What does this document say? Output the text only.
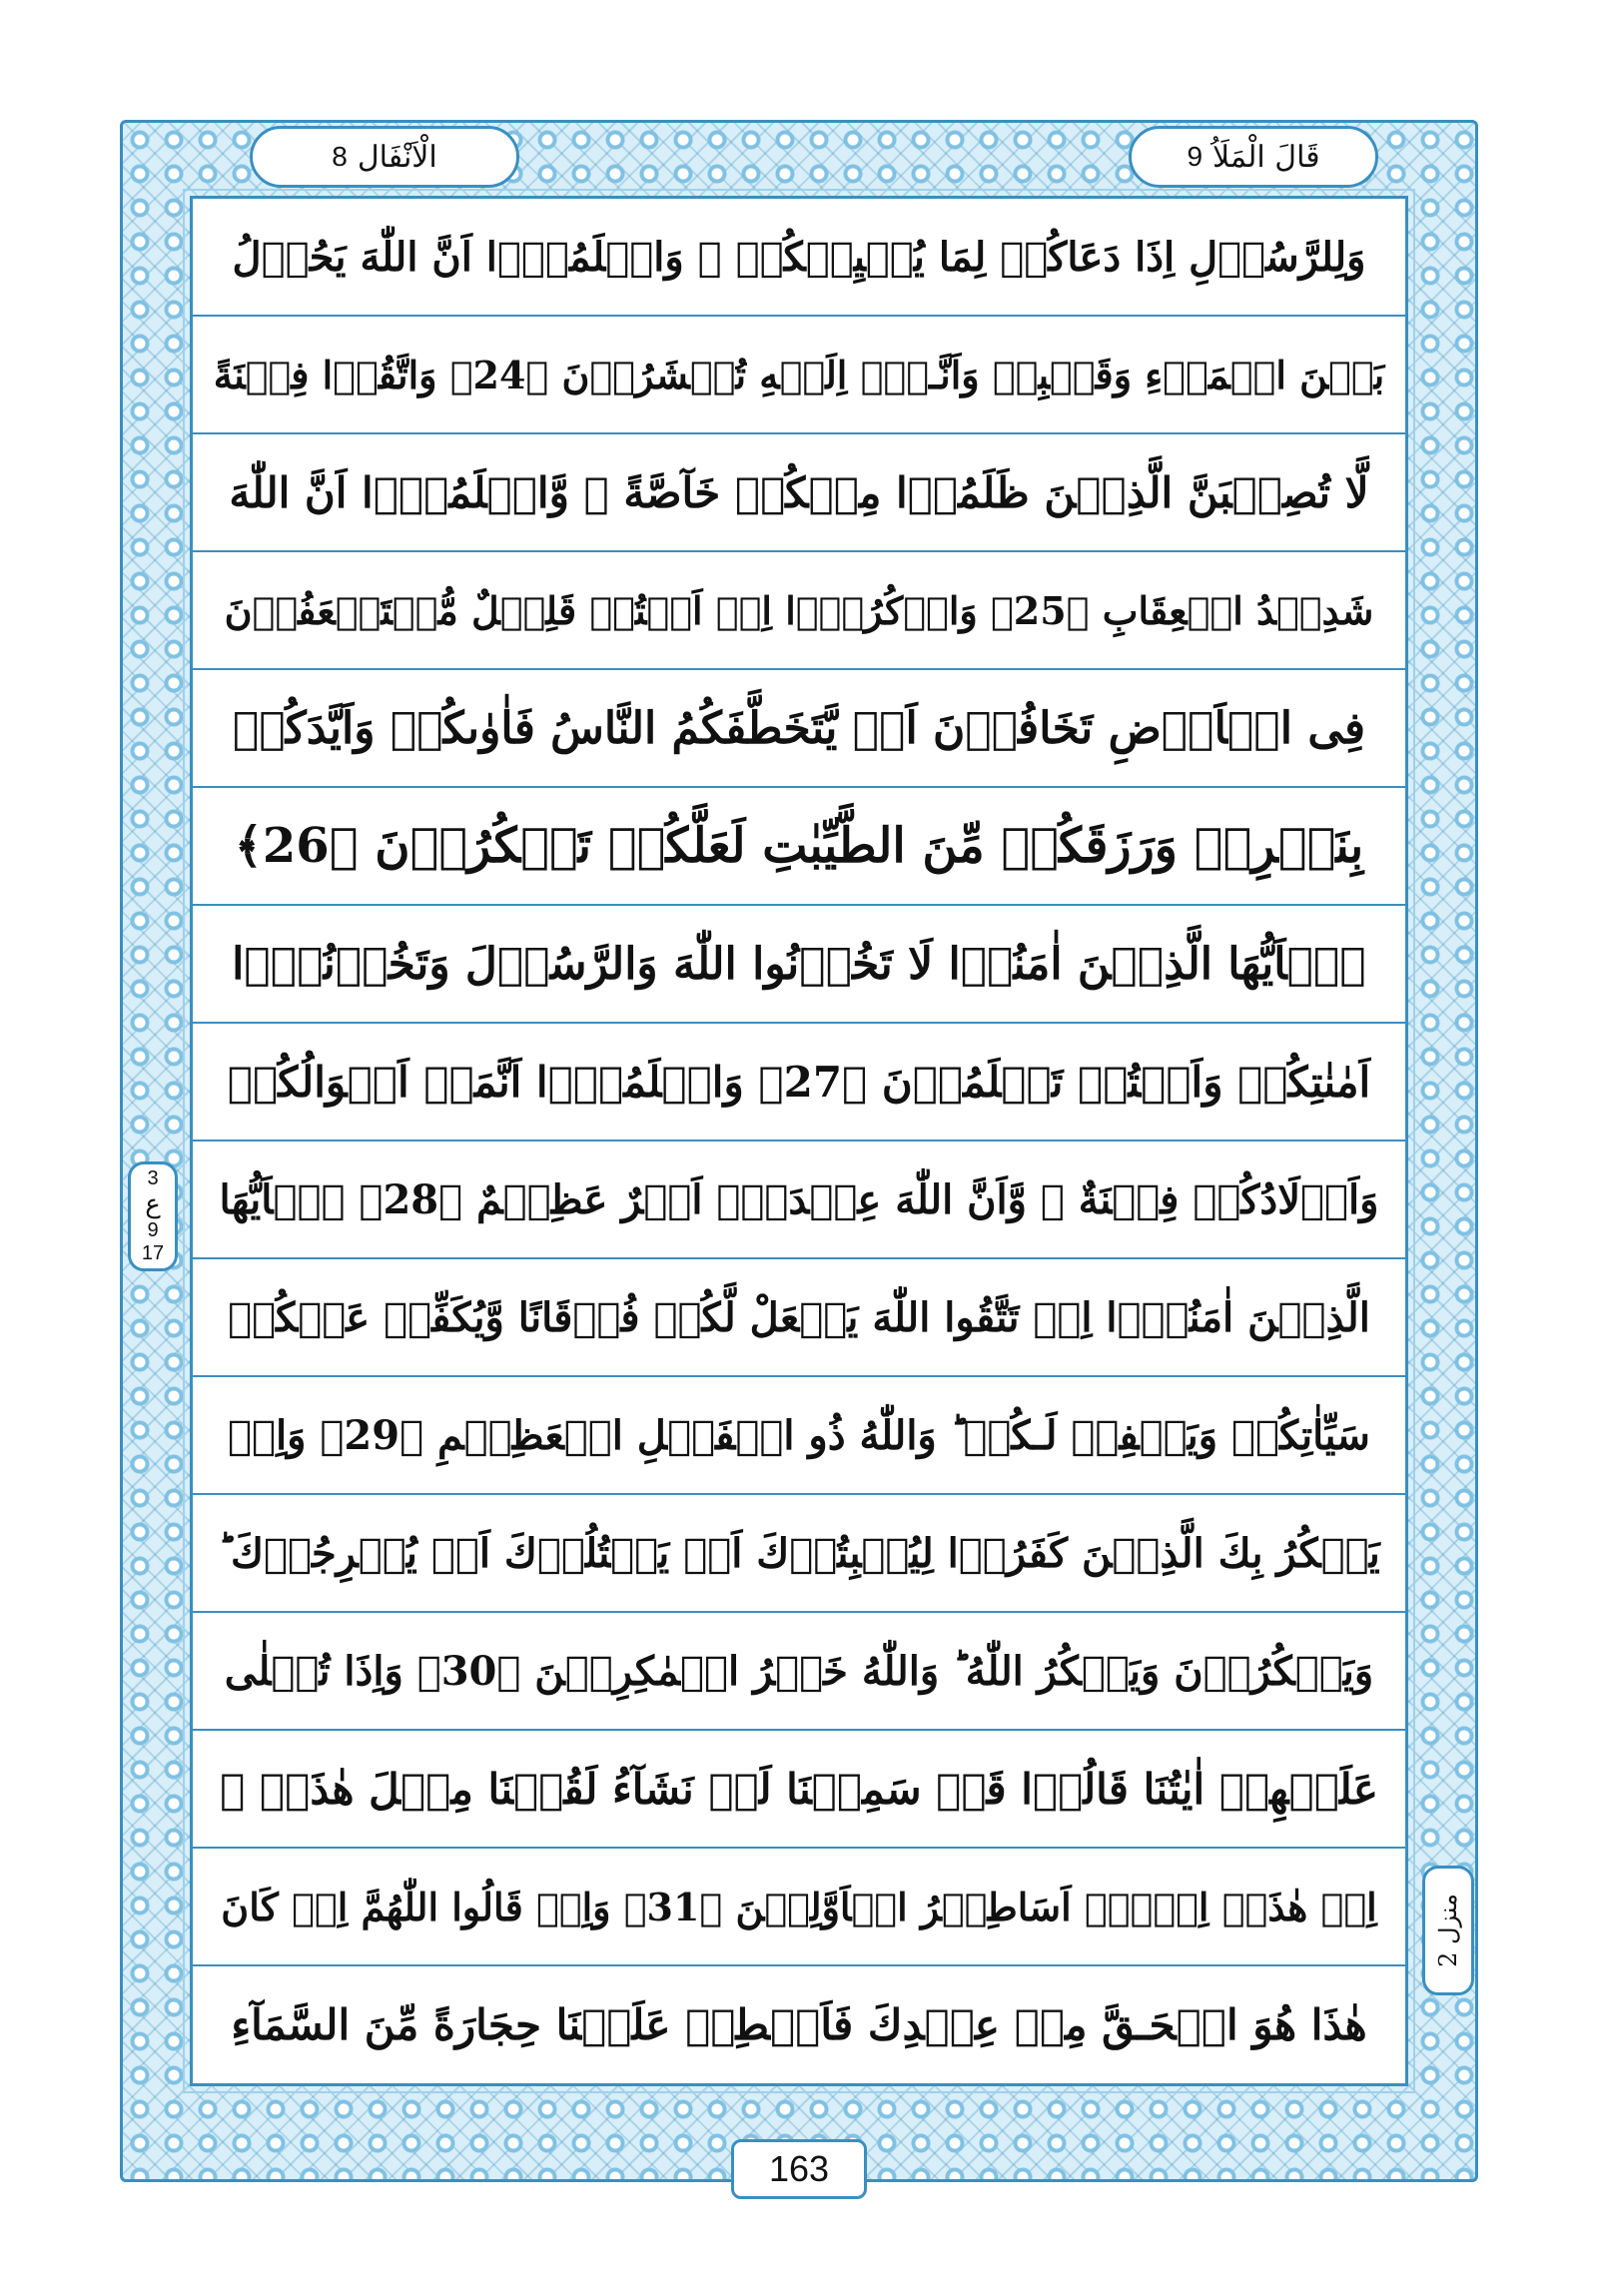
الْاَنْفَال
8	قَالَ الْمَلَاُ
9
وَلِلرَّسُوۡلِ اِذَا دَعَاكُمۡ لِمَا يُحۡيِيۡكُمۡ ۚ وَاعۡلَمُوۡۤا اَنَّ اللّٰهَ يَحُوۡلُ
بَيۡنَ الۡمَرۡءِ وَقَلۡبِهٖ وَاَنَّـهٗۤ اِلَيۡهِ تُحۡشَرُوۡنَ ﴿24﴾ وَاتَّقُوۡا فِتۡنَةً
لَّا تُصِيۡبَنَّ الَّذِيۡنَ ظَلَمُوۡا مِنۡكُمۡ خَآصَّةً ۚ وَّاعۡلَمُوۡۤا اَنَّ اللّٰهَ
شَدِيۡدُ الۡعِقَابِ ﴿25﴾ وَاذۡكُرُوۡۤا اِذۡ اَنۡتُمۡ قَلِيۡلٌ مُّسۡتَضۡعَفُوۡنَ
فِى الۡاَرۡضِ تَخَافُوۡنَ اَنۡ يَّتَخَطَّفَكُمُ النَّاسُ فَاٰوٰٮكُمۡ وَاَيَّدَكُمۡ
بِنَصۡرِهٖ وَرَزَقَكُمۡ مِّنَ الطَّيِّبٰتِ لَعَلَّكُمۡ تَشۡكُرُوۡنَ ﴿26﴾
يٰۤاَيُّهَا الَّذِيۡنَ اٰمَنُوۡا لَا تَخُوۡنُوا اللّٰهَ وَالرَّسُوۡلَ وَتَخُوۡنُوۡۤا
اَمٰنٰتِكُمۡ وَاَنۡتُمۡ تَعۡلَمُوۡنَ ﴿27﴾ وَاعۡلَمُوۡۤا اَنَّمَاۤ اَمۡوَالُكُمۡ
وَاَوۡلَادُكُمۡ فِتۡنَةٌ ۙ وَّاَنَّ اللّٰهَ عِنۡدَهٗۤ اَجۡرٌ عَظِيۡمٌ ﴿28﴾ يٰۤاَيُّهَا
الَّذِيۡنَ اٰمَنُوۡۤا اِنۡ تَتَّقُوا اللّٰهَ يَجۡعَلْ لَّكُمۡ فُرۡقَانًا وَّيُكَفِّرۡ عَنۡكُمۡ
سَيِّاٰتِكُمۡ وَيَغۡفِرۡ لَـكُمۡ ؕ وَاللّٰهُ ذُو الۡفَضۡلِ الۡعَظِيۡمِ ﴿29﴾ وَاِذۡ
يَمۡكُرُ بِكَ الَّذِيۡنَ كَفَرُوۡا لِيُثۡبِتُوۡكَ اَوۡ يَقۡتُلُوۡكَ اَوۡ يُخۡرِجُوۡكَ ؕ
وَيَمۡكُرُوۡنَ وَيَمۡكُرُ اللّٰهُ ؕ وَاللّٰهُ خَيۡرُ الۡمٰكِرِيۡنَ ﴿30﴾ وَاِذَا تُتۡلٰى
عَلَيۡهِمۡ اٰيٰتُنَا قَالُوۡا قَدۡ سَمِعۡنَا لَوۡ نَشَآءُ لَقُلۡنَا مِثۡلَ هٰذَاۤ ۙ
اِنۡ هٰذَاۤ اِلَّاۤ اَسَاطِيۡرُ الۡاَوَّلِيۡنَ ﴿31﴾ وَاِذۡ قَالُوا اللّٰهُمَّ اِنۡ كَانَ
هٰذَا هُوَ الۡحَـقَّ مِنۡ عِنۡدِكَ فَاَمۡطِرۡ عَلَيۡنَا حِجَارَةً مِّنَ السَّمَآءِ
3
ع
9
17
منزل 2
163
